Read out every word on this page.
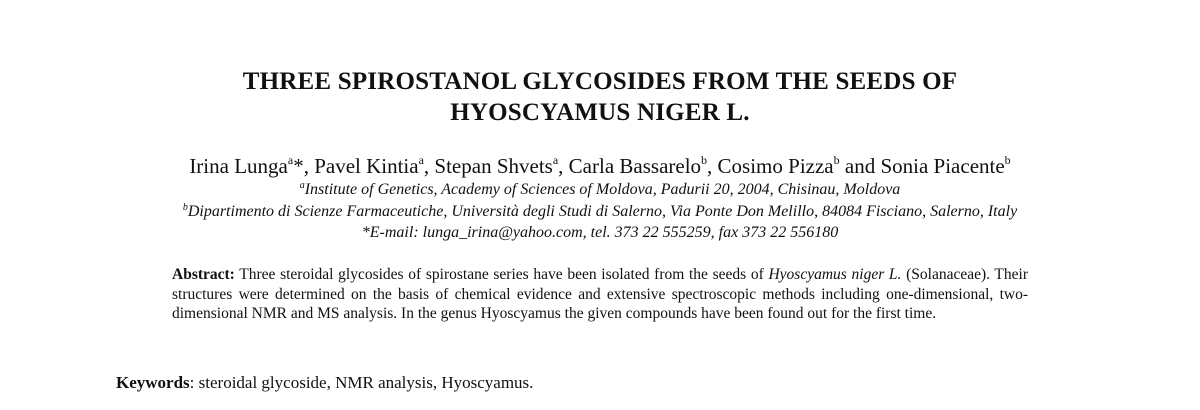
THREE SPIROSTANOL GLYCOSIDES FROM THE SEEDS OF
HYOSCYAMUS NIGER L.
Irina Lunga$^a$*, Pavel Kintia$^a$, Stepan Shvets$^a$, Carla Bassarelo$^b$, Cosimo Pizza$^b$ and Sonia Piacente$^b$
$^a$Institute of Genetics, Academy of Sciences of Moldova, Padurii 20, 2004, Chisinau, Moldova
$^b$Dipartimento di Scienze Farmaceutiche, Università degli Studi di Salerno, Via Ponte Don Melillo, 84084 Fisciano, Salerno, Italy
*E-mail: lunga_irina@yahoo.com, tel. 373 22 555259, fax 373 22 556180
Abstract: Three steroidal glycosides of spirostane series have been isolated from the seeds of Hyoscyamus niger L. (Solanaceae). Their structures were determined on the basis of chemical evidence and extensive spectroscopic methods including one-dimensional, two-dimensional NMR and MS analysis. In the genus Hyoscyamus the given compounds have been found out for the first time.
Keywords: steroidal glycoside, NMR analysis, Hyoscyamus.
